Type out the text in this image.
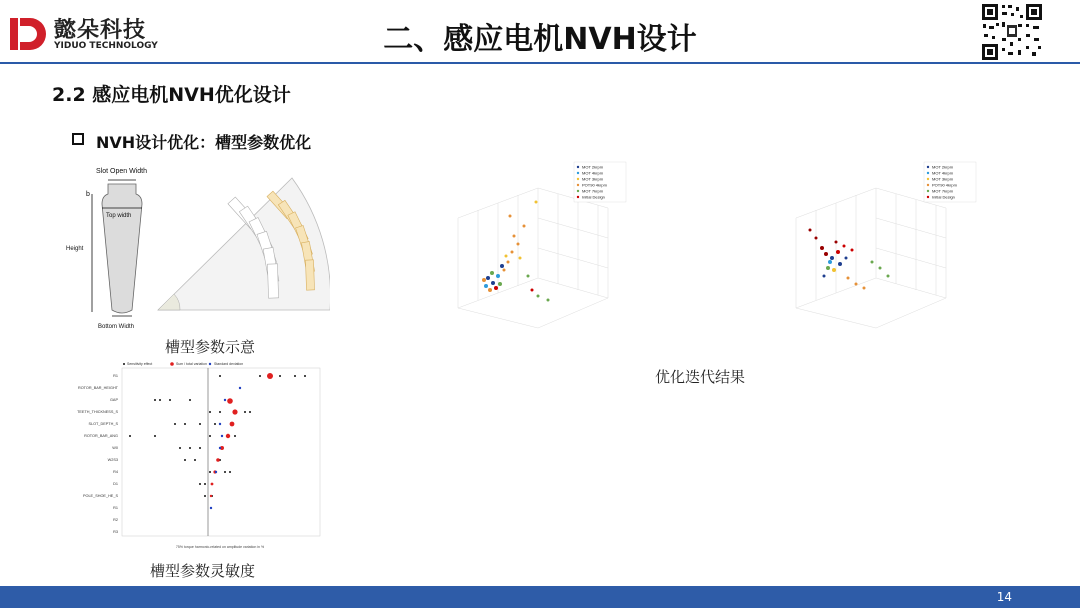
懿朵科技
YIDUO TECHNOLOGY	二、感应电机NVH设计
2.2 感应电机NVH优化设计
NVH设计优化：槽型参数优化
Slot Open Width
b
Top width
Height
Bottom Width
槽型参数示意
MOT 2krpm
MOT 4krpm
MOT 3krpm
POT90 4krpm
MOT 7krpm
Initial Design
MOT 2krpm
MOT 4krpm
MOT 3krpm
POT90 4krpm
MOT 7krpm
Initial Design
优化迭代结果
Sensitivity effect	Sum / total variation Standard deviation
R1
ROTOR_BAR_HEIGHT
GAP
TEETH_THICKNESS_S
SLOT_DEPTH_S
ROTOR_BAR_ANG
W0
W2S3
R4
D1
POLE_SHOE_HE_S
R1
R2
R3
75% torque harmonic-related on amplitude variation in %
槽型参数灵敏度
14
